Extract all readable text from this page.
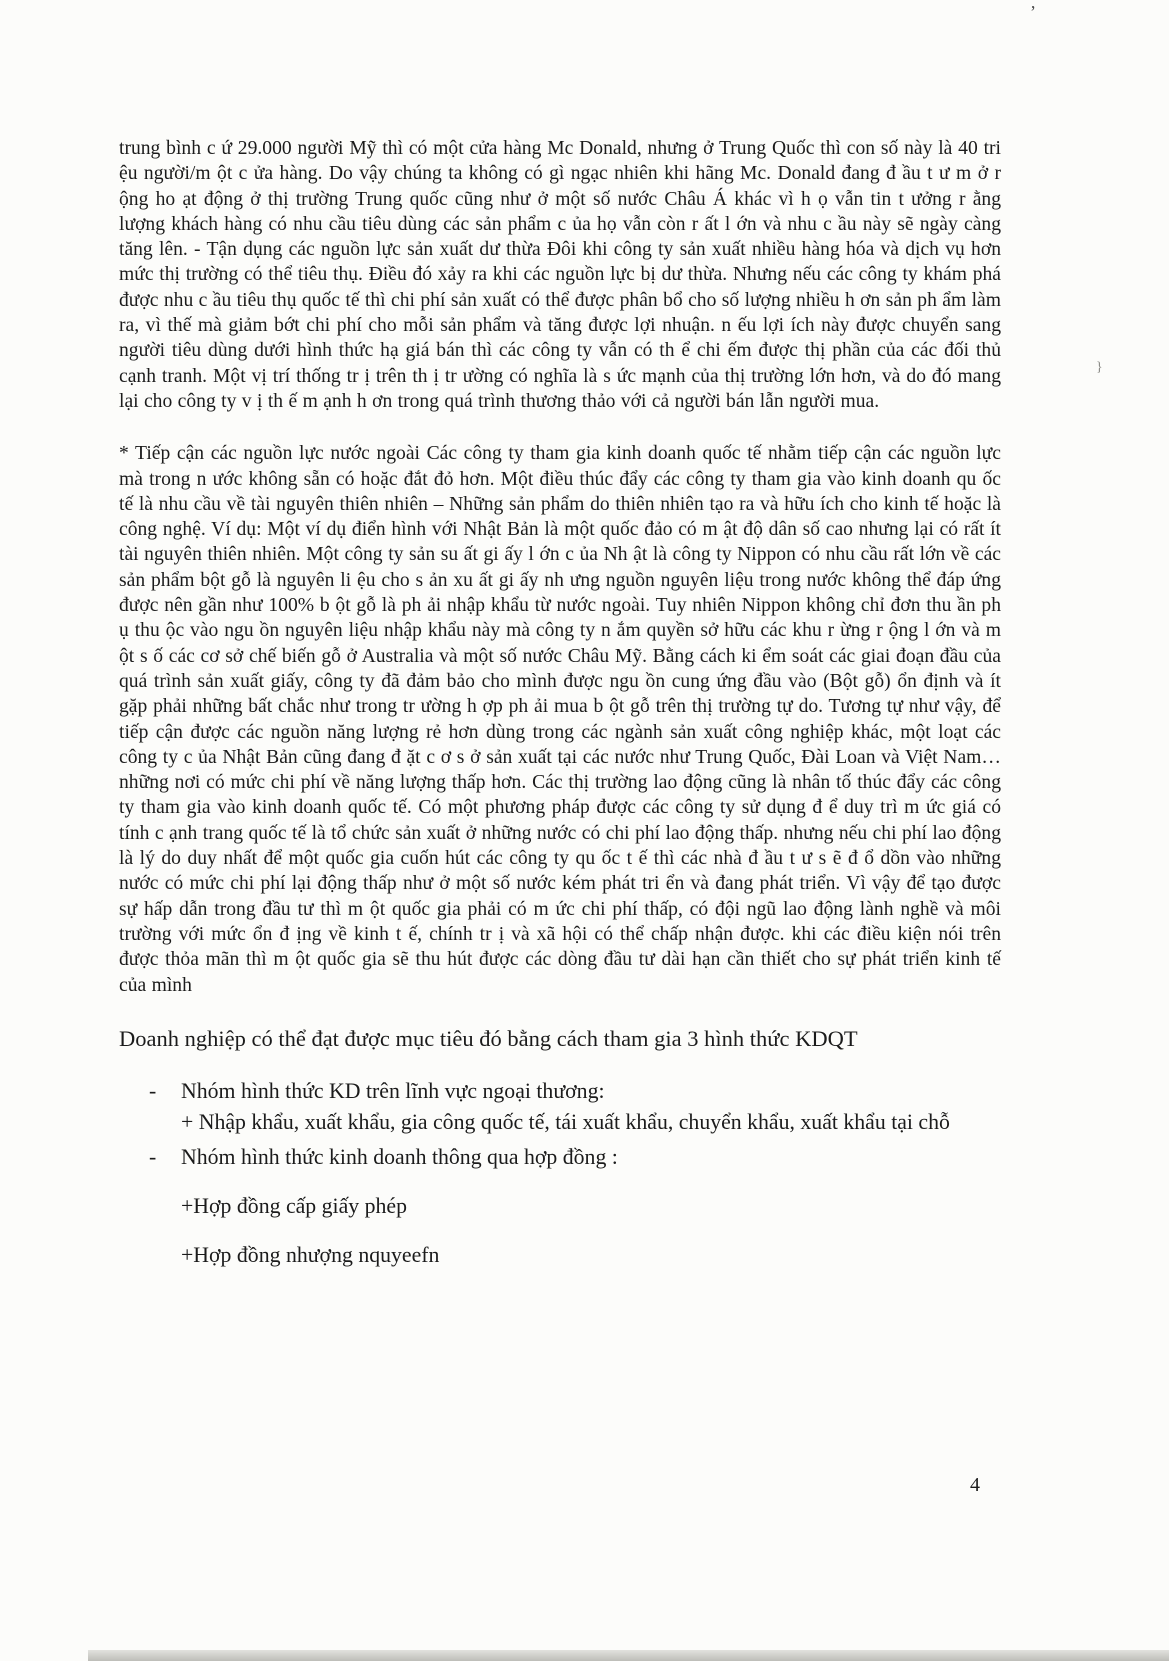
’
}

trung bình c ứ 29.000 người Mỹ thì có một cửa hàng Mc Donald, nhưng ở Trung Quốc thì con số này là 40 tri ệu người/m ột c ửa hàng. Do vậy chúng ta không có gì ngạc nhiên khi hãng Mc. Donald đang đ ầu t ư m ở r ộng ho ạt động ở thị trường Trung quốc cũng như ở một số nước Châu Á khác vì h ọ vẫn tin t ưởng r ằng lượng khách hàng có nhu cầu tiêu dùng các sản phẩm c ủa họ vẫn còn r ất l ớn và nhu c ầu này sẽ ngày càng tăng lên. - Tận dụng các nguồn lực sản xuất dư thừa Đôi khi công ty sản xuất nhiều hàng hóa và dịch vụ hơn mức thị trường có thể tiêu thụ. Điều đó xảy ra khi các nguồn lực bị dư thừa. Nhưng nếu các công ty khám phá được nhu c ầu tiêu thụ quốc tế thì chi phí sản xuất có thể được phân bổ cho số lượng nhiều h ơn sản ph ẩm làm ra, vì thế mà giảm bớt chi phí cho mỗi sản phẩm và tăng được lợi nhuận. n ếu lợi ích này được chuyển sang người tiêu dùng dưới hình thức hạ giá bán thì các công ty vẫn có th ể chi ếm được thị phần của các đối thủ cạnh tranh. Một vị trí thống tr ị trên th ị tr ường có nghĩa là s ức mạnh của thị trường lớn hơn, và do đó mang lại cho công ty v ị th ế m ạnh h ơn trong quá trình thương thảo với cả người bán lẫn người mua.

* Tiếp cận các nguồn lực nước ngoài Các công ty tham gia kinh doanh quốc tế nhằm tiếp cận các nguồn lực mà trong n ước không sẵn có hoặc đắt đỏ hơn. Một điều thúc đẩy các công ty tham gia vào kinh doanh qu ốc tế là nhu cầu về tài nguyên thiên nhiên – Những sản phẩm do thiên nhiên tạo ra và hữu ích cho kinh tế hoặc là công nghệ. Ví dụ: Một ví dụ điển hình với Nhật Bản là một quốc đảo có m ật độ dân số cao nhưng lại có rất ít tài nguyên thiên nhiên. Một công ty sản su ất gi ấy l ớn c ủa Nh ật là công ty Nippon có nhu cầu rất lớn về các sản phẩm bột gỗ là nguyên li ệu cho s ản xu ất gi ấy nh ưng nguồn nguyên liệu trong nước không thể đáp ứng được nên gần như 100% b ột gỗ là ph ải nhập khẩu từ nước ngoài. Tuy nhiên Nippon không chỉ đơn thu ần ph ụ thu ộc vào ngu ồn nguyên liệu nhập khẩu này mà công ty n ắm quyền sở hữu các khu r ừng r ộng l ớn và m ột s ố các cơ sở chế biến gỗ ở Australia và một số nước Châu Mỹ. Bằng cách ki ểm soát các giai đoạn đầu của quá trình sản xuất giấy, công ty đã đảm bảo cho mình được ngu ồn cung ứng đầu vào (Bột gỗ) ổn định và ít gặp phải những bất chắc như trong tr ường h ợp ph ải mua b ột gỗ trên thị trường tự do. Tương tự như vậy, để tiếp cận được các nguồn năng lượng rẻ hơn dùng trong các ngành sản xuất công nghiệp khác, một loạt các công ty c ủa Nhật Bản cũng đang đ ặt c ơ s ở sản xuất tại các nước như Trung Quốc, Đài Loan và Việt Nam… những nơi có mức chi phí về năng lượng thấp hơn. Các thị trường lao động cũng là nhân tố thúc đẩy các công ty tham gia vào kinh doanh quốc tế. Có một phương pháp được các công ty sử dụng đ ể duy trì m ức giá có tính c ạnh trang quốc tế là tổ chức sản xuất ở những nước có chi phí lao động thấp. nhưng nếu chi phí lao động là lý do duy nhất để một quốc gia cuốn hút các công ty qu ốc t ế thì các nhà đ ầu t ư s ẽ đ ổ dồn vào những nước có mức chi phí lại động thấp như ở một số nước kém phát tri ển và đang phát triển. Vì vậy để tạo được sự hấp dẫn trong đầu tư thì m ột quốc gia phải có m ức chi phí thấp, có đội ngũ lao động lành nghề và môi trường với mức ổn đ ịng về kinh t ế, chính tr ị và xã hội có thể chấp nhận được. khi các điều kiện nói trên được thỏa mãn thì m ột quốc gia sẽ thu hút được các dòng đầu tư dài hạn cần thiết cho sự phát triển kinh tế của mình

Doanh nghiệp có thể đạt được mục tiêu đó bằng cách tham gia 3 hình thức KDQT

-	Nhóm hình thức KD trên lĩnh vực ngoại thương:
+ Nhập khẩu, xuất khẩu, gia công quốc tế, tái xuất khẩu, chuyển khẩu, xuất khẩu tại chỗ
-	Nhóm hình thức kinh doanh thông qua hợp đồng :
+Hợp đồng cấp giấy phép
+Hợp đồng nhượng nquyeefn
4
